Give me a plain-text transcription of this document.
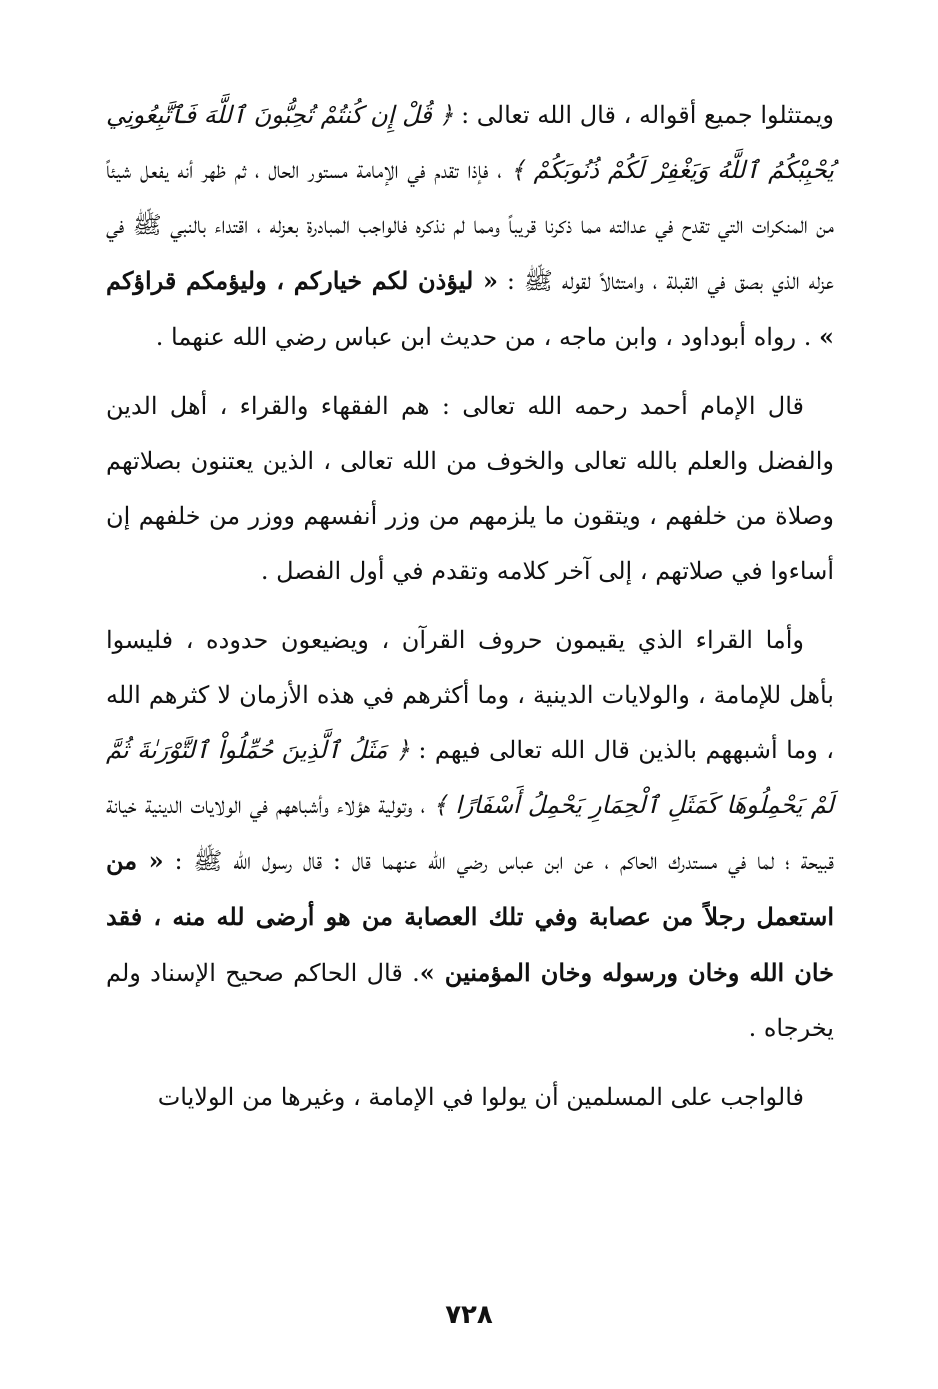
ويمتثلوا جميع أقواله ، قال الله تعالى : ﴿ قُلْ إِن كُنتُمْ تُحِبُّونَ ٱللَّهَ فَٱتَّبِعُونِي يُحْبِبْكُمُ ٱللَّهُ وَيَغْفِرْ لَكُمْ ذُنُوبَكُمْ ﴾ ، فإذا تقدم في الإمامة مستور الحال ، ثم ظهر أنه يفعل شيئاً من المنكرات التي تقدح في عدالته مما ذكرنا قريباً ومما لم نذكره فالواجب المبادرة بعزله ، اقتداء بالنبي ﷺ في عزله الذي بصق في القبلة ، وامتثالاً لقوله ﷺ : « ليؤذن لكم خياركم ، وليؤمكم قراؤكم » . رواه أبوداود ، وابن ماجه ، من حديث ابن عباس رضي الله عنهما .

قال الإمام أحمد رحمه الله تعالى : هم الفقهاء والقراء ، أهل الدين والفضل والعلم بالله تعالى والخوف من الله تعالى ، الذين يعتنون بصلاتهم وصلاة من خلفهم ، ويتقون ما يلزمهم من وزر أنفسهم ووزر من خلفهم إن أساءوا في صلاتهم ، إلى آخر كلامه وتقدم في أول الفصل .

وأما القراء الذي يقيمون حروف القرآن ، ويضيعون حدوده ، فليسوا بأهل للإمامة ، والولايات الدينية ، وما أكثرهم في هذه الأزمان لا كثرهم الله ، وما أشبههم بالذين قال الله تعالى فيهم : ﴿ مَثَلُ ٱلَّذِينَ حُمِّلُواْ ٱلتَّوْرَىٰةَ ثُمَّ لَمْ يَحْمِلُوهَا كَمَثَلِ ٱلْحِمَارِ يَحْمِلُ أَسْفَارًا ﴾ ، وتولية هؤلاء وأشباههم في الولايات الدينية خيانة قبيحة ؛ لما في مستدرك الحاكم ، عن ابن عباس رضي الله عنهما قال : قال رسول الله ﷺ : « من استعمل رجلاً من عصابة وفي تلك العصابة من هو أرضى لله منه ، فقد خان الله وخان ورسوله وخان المؤمنين ». قال الحاكم صحيح الإسناد ولم يخرجاه .

فالواجب على المسلمين أن يولوا في الإمامة ، وغيرها من الولايات

٧٢٨
